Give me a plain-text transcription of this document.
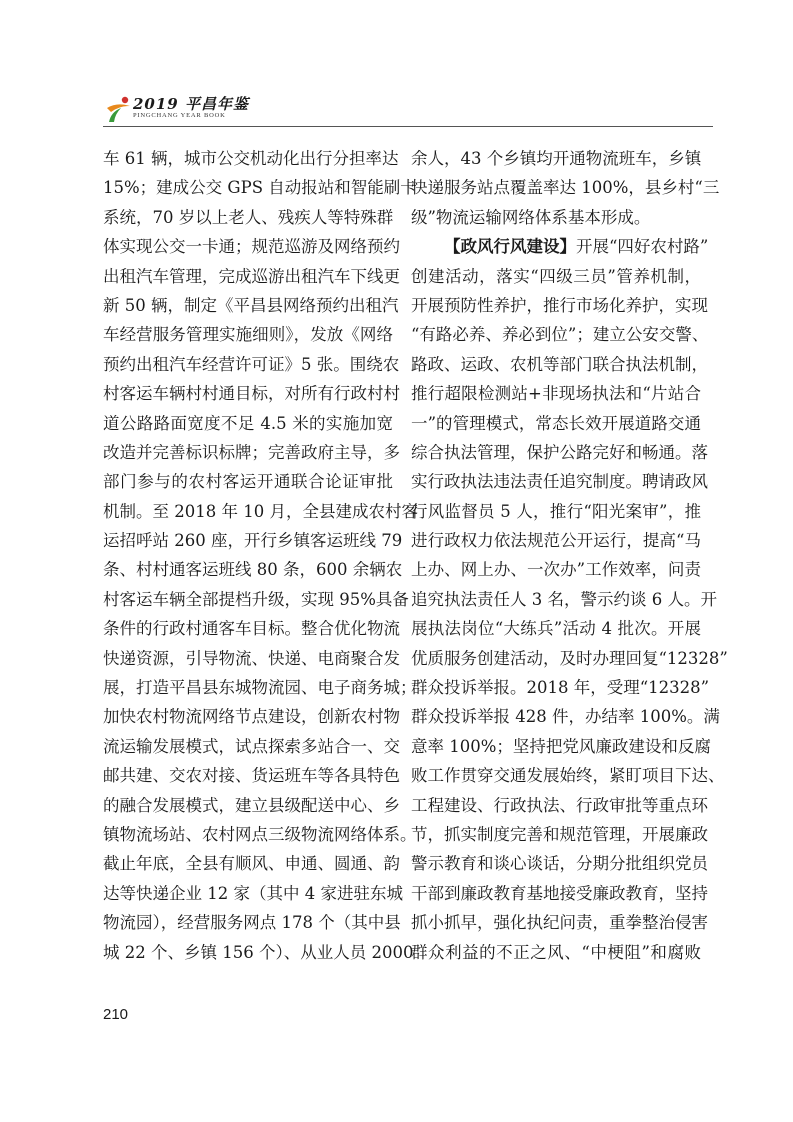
2019 平昌年鉴
PINGCHANG YEAR BOOK
车 61 辆，城市公交机动化出行分担率达
15%；建成公交 GPS 自动报站和智能刷卡
系统，70 岁以上老人、残疾人等特殊群
体实现公交一卡通；规范巡游及网络预约
出租汽车管理，完成巡游出租汽车下线更
新 50 辆，制定《平昌县网络预约出租汽
车经营服务管理实施细则》，发放《网络
预约出租汽车经营许可证》5 张。围绕农
村客运车辆村村通目标，对所有行政村村
道公路路面宽度不足 4.5 米的实施加宽
改造并完善标识标牌；完善政府主导，多
部门参与的农村客运开通联合论证审批
机制。至 2018 年 10 月，全县建成农村客
运招呼站 260 座，开行乡镇客运班线 79
条、村村通客运班线 80 条，600 余辆农
村客运车辆全部提档升级，实现 95%具备
条件的行政村通客车目标。整合优化物流
快递资源，引导物流、快递、电商聚合发
展，打造平昌县东城物流园、电子商务城；
加快农村物流网络节点建设，创新农村物
流运输发展模式，试点探索多站合一、交
邮共建、交农对接、货运班车等各具特色
的融合发展模式，建立县级配送中心、乡
镇物流场站、农村网点三级物流网络体系。
截止年底，全县有顺风、申通、圆通、韵
达等快递企业 12 家（其中 4 家进驻东城
物流园），经营服务网点 178 个（其中县
城 22 个、乡镇 156 个）、从业人员 2000
余人，43 个乡镇均开通物流班车，乡镇
快递服务站点覆盖率达 100%，县乡村“三
级”物流运输网络体系基本形成。
【政风行风建设】开展“四好农村路”
创建活动，落实“四级三员”管养机制，
开展预防性养护，推行市场化养护，实现
“有路必养、养必到位”；建立公安交警、
路政、运政、农机等部门联合执法机制，
推行超限检测站+非现场执法和“片站合
一”的管理模式，常态长效开展道路交通
综合执法管理，保护公路完好和畅通。落
实行政执法违法责任追究制度。聘请政风
行风监督员 5 人，推行“阳光案审”，推
进行政权力依法规范公开运行，提高“马
上办、网上办、一次办”工作效率，问责
追究执法责任人 3 名，警示约谈 6 人。开
展执法岗位“大练兵”活动 4 批次。开展
优质服务创建活动，及时办理回复“12328”
群众投诉举报。2018 年，受理“12328”
群众投诉举报 428 件，办结率 100%。满
意率 100%；坚持把党风廉政建设和反腐
败工作贯穿交通发展始终，紧盯项目下达、
工程建设、行政执法、行政审批等重点环
节，抓实制度完善和规范管理，开展廉政
警示教育和谈心谈话，分期分批组织党员
干部到廉政教育基地接受廉政教育，坚持
抓小抓早，强化执纪问责，重拳整治侵害
群众利益的不正之风、“中梗阻”和腐败
210
